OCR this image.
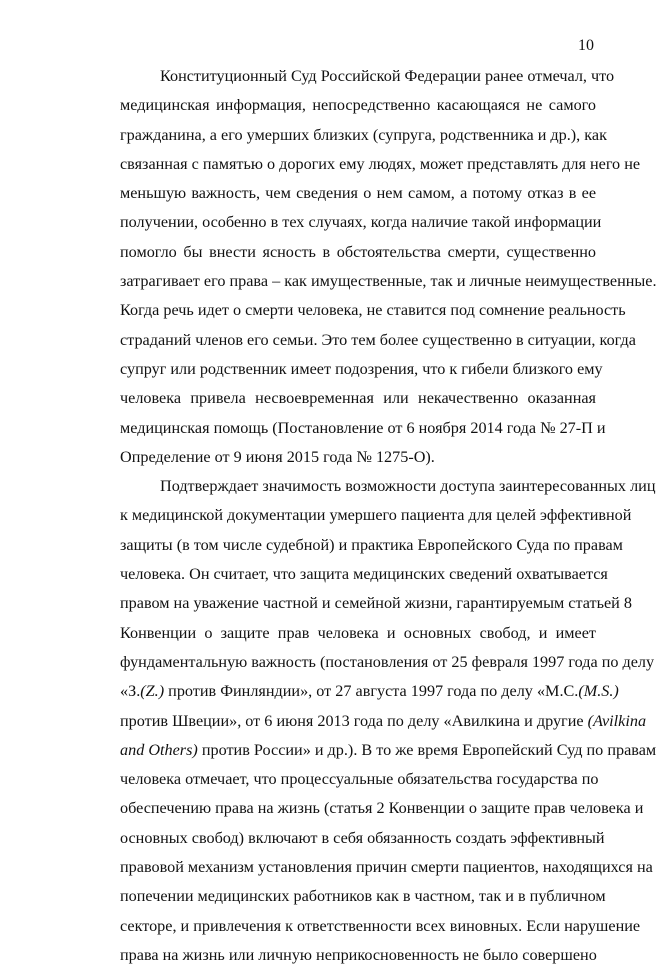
10
Конституционный Суд Российской Федерации ранее отмечал, что
медицинская информация, непосредственно касающаяся не самого
гражданина, а его умерших близких (супруга, родственника и др.), как
связанная с памятью о дорогих ему людях, может представлять для него не
меньшую важность, чем сведения о нем самом, а потому отказ в ее
получении, особенно в тех случаях, когда наличие такой информации
помогло бы внести ясность в обстоятельства смерти, существенно
затрагивает его права – как имущественные, так и личные неимущественные.
Когда речь идет о смерти человека, не ставится под сомнение реальность
страданий членов его семьи. Это тем более существенно в ситуации, когда
супруг или родственник имеет подозрения, что к гибели близкого ему
человека привела несвоевременная или некачественно оказанная
медицинская помощь (Постановление от 6 ноября 2014 года № 27-П и
Определение от 9 июня 2015 года № 1275-О).
Подтверждает значимость возможности доступа заинтересованных лиц
к медицинской документации умершего пациента для целей эффективной
защиты (в том числе судебной) и практика Европейского Суда по правам
человека. Он считает, что защита медицинских сведений охватывается
правом на уважение частной и семейной жизни, гарантируемым статьей 8
Конвенции о защите прав человека и основных свобод, и имеет
фундаментальную важность (постановления от 25 февраля 1997 года по делу
«З.(Z.) против Финляндии», от 27 августа 1997 года по делу «М.С.(M.S.)
против Швеции», от 6 июня 2013 года по делу «Авилкина и другие (Avilkina
and Others) против России» и др.). В то же время Европейский Суд по правам
человека отмечает, что процессуальные обязательства государства по
обеспечению права на жизнь (статья 2 Конвенции о защите прав человека и
основных свобод) включают в себя обязанность создать эффективный
правовой механизм установления причин смерти пациентов, находящихся на
попечении медицинских работников как в частном, так и в публичном
секторе, и привлечения к ответственности всех виновных. Если нарушение
права на жизнь или личную неприкосновенность не было совершено
